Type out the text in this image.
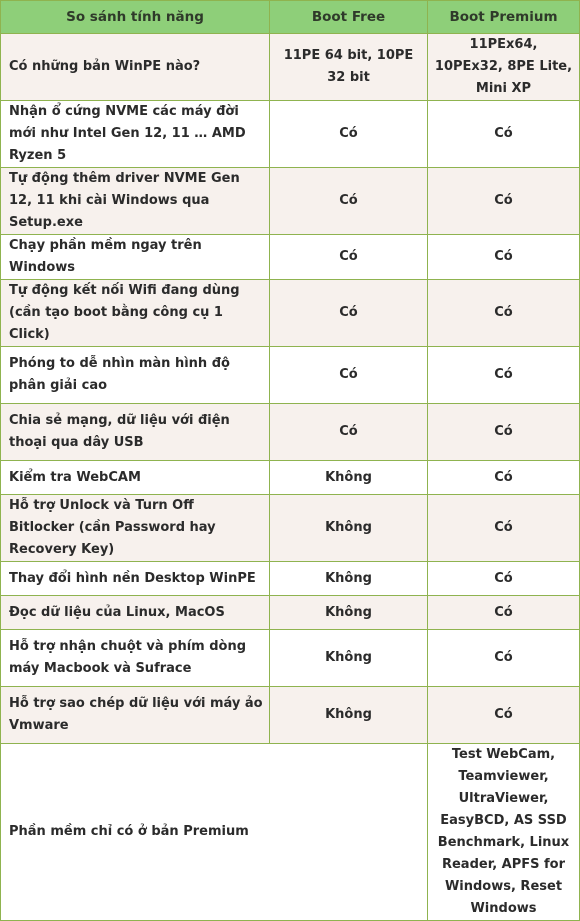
So sánh tính năng	Boot Free	Boot Premium
Có những bản WinPE nào?	11PE 64 bit, 10PE 32 bit	11PEx64, 10PEx32, 8PE Lite, Mini XP
Nhận ổ cứng NVME các máy đời mới như Intel Gen 12, 11 … AMD Ryzen 5	Có	Có
Tự động thêm driver NVME Gen 12, 11 khi cài Windows qua Setup.exe	Có	Có
Chạy phần mềm ngay trên Windows	Có	Có
Tự động kết nối Wifi đang dùng (cần tạo boot bằng công cụ 1 Click)	Có	Có
Phóng to dễ nhìn màn hình độ phân giải cao	Có	Có
Chia sẻ mạng, dữ liệu với điện thoại qua dây USB	Có	Có
Kiểm tra WebCAM	Không	Có
Hỗ trợ Unlock và Turn Off Bitlocker (cần Password hay Recovery Key)	Không	Có
Thay đổi hình nền Desktop WinPE	Không	Có
Đọc dữ liệu của Linux, MacOS	Không	Có
Hỗ trợ nhận chuột và phím dòng máy Macbook và Sufrace	Không	Có
Hỗ trợ sao chép dữ liệu với máy ảo Vmware	Không	Có
Phần mềm chỉ có ở bản Premium		Test WebCam, Teamviewer, UltraViewer, EasyBCD, AS SSD Benchmark, Linux Reader, APFS for Windows, Reset Windows
